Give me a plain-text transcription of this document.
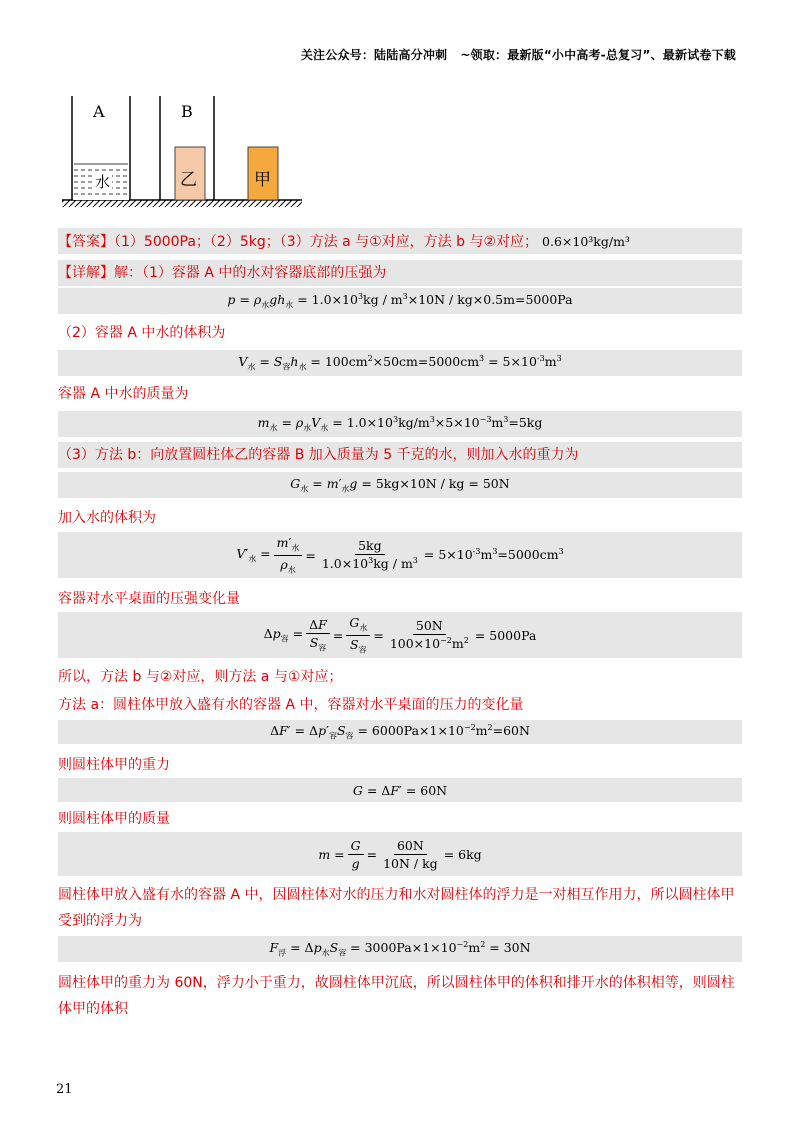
关注公众号：陆陆高分冲刺   ~领取：最新版“小中高考-总复习”、最新试卷下载
A
水
B
乙	甲
【答案】（1）5000Pa；（2）5kg；（3）方法 a 与①对应，方法 b 与②对应； 0.6×10³kg/m³
【详解】解：（1）容器 A 中的水对容器底部的压强为
$p = \rho_水gh_水 = 1.0\times 10^3kg / m^3\times 10N / kg\times 0.5m=5000Pa$
（2）容器 A 中水的体积为
$V_水 = S_容h_水 = 100cm^2\times 50cm=5000cm^3 = 5\times 10^{-3}m^3$
容器 A 中水的质量为
$m_水 = \rho_水V_水 = 1.0\times 10^3kg/m^3\times 5\times 10^{-3}m^3=5kg$
（3）方法 b：向放置圆柱体乙的容器 B 加入质量为 5 千克的水，则加入水的重力为
$G_水 = m'_水g = 5kg\times 10N$ / kg = 50N
加入水的体积为
$V'_水 = \frac{m'_水}{\rho_水} = \frac{5kg}{1.0\times 10^3kg / m^3} = 5\times 10^{-3}m^3=5000cm^3$
容器对水平桌面的压强变化量
$\Delta p_容 = \frac{\Delta F}{S_容} = \frac{G_水}{S_容} = \frac{50N}{100\times 10^{-2}m^2} = 5000Pa$
所以，方法 b 与②对应，则方法 a 与①对应；
方法 a：圆柱体甲放入盛有水的容器 A 中，容器对水平桌面的压力的变化量
$\Delta F' = \Delta p'_容S_容 = 6000Pa\times 1\times 10^{-2}m^2=60N$
则圆柱体甲的重力
G = ΔF′ = 60N
则圆柱体甲的质量
$m = \frac{G}{g} = \frac{60N}{10N / kg} = 6kg$
圆柱体甲放入盛有水的容器 A 中，因圆柱体对水的压力和水对圆柱体的浮力是一对相互作用力，所以圆柱体甲
受到的浮力为
$F_浮 = \Delta p_水S_容 = 3000Pa\times 1\times 10^{-2}m^2 = 30N$
圆柱体甲的重力为 60N，浮力小于重力，故圆柱体甲沉底，所以圆柱体甲的体积和排开水的体积相等，则圆柱
体甲的体积
21
